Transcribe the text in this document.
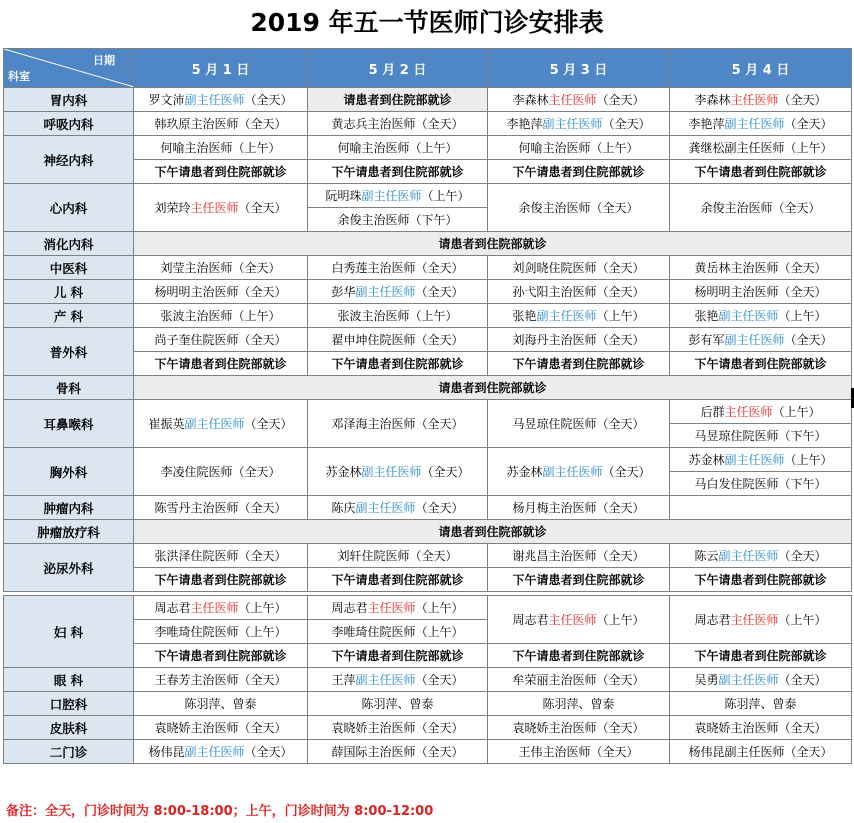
2019 年五一节医师门诊安排表
日期
科室	5 月 1 日	5 月 2 日	5 月 3 日	5 月 4 日
胃内科	罗文沛副主任医师（全天）	请患者到住院部就诊	李森林主任医师（全天）	李森林主任医师（全天）
呼吸内科	韩玖原主治医师（全天）	黄志兵主治医师（全天）	李艳萍副主任医师（全天）	李艳萍副主任医师（全天）
神经内科	何喻主治医师（上午）	何喻主治医师（上午）	何喻主治医师（上午）	龚继松副主任医师（上午）
	下午请患者到住院部就诊	下午请患者到住院部就诊	下午请患者到住院部就诊	下午请患者到住院部就诊
心内科	刘荣玲主任医师（全天）	阮明珠副主任医师（上午）	余俊主治医师（全天）	余俊主治医师（全天）
		余俊主治医师（下午）		
消化内科	请患者到住院部就诊			
中医科	刘莹主治医师（全天）	白秀莲主治医师（全天）	刘剑晓住院医师（全天）	黄岳林主治医师（全天）
儿 科	杨明明主治医师（全天）	彭华副主任医师（全天）	孙弋阳主治医师（全天）	杨明明主治医师（全天）
产 科	张波主治医师（上午）	张波主治医师（上午）	张艳副主任医师（上午）	张艳副主任医师（上午）
普外科	尚子奎住院医师（全天）	翟申坤住院医师（全天）	刘海丹主治医师（全天）	彭有军副主任医师（全天）
	下午请患者到住院部就诊	下午请患者到住院部就诊	下午请患者到住院部就诊	下午请患者到住院部就诊
骨科	请患者到住院部就诊			
耳鼻喉科	崔振英副主任医师（全天）	邓泽海主治医师（全天）	马昱琼住院医师（全天）	后群主任医师（上午）
				马昱琼住院医师（下午）
胸外科	李凌住院医师（全天）	苏金林副主任医师（全天）	苏金林副主任医师（全天）	苏金林副主任医师（上午）
				马白发住院医师（下午）
肿瘤内科	陈雪丹主治医师（全天）	陈庆副主任医师（全天）	杨月梅主治医师（全天）	
肿瘤放疗科	请患者到住院部就诊			
泌尿外科	张洪泽住院医师（全天）	刘轩住院医师（全天）	谢兆昌主治医师（全天）	陈云副主任医师（全天）
	下午请患者到住院部就诊	下午请患者到住院部就诊	下午请患者到住院部就诊	下午请患者到住院部就诊

妇 科	周志君主任医师（上午）	周志君主任医师（上午）	周志君主任医师（上午）	周志君主任医师（上午）
	李唯琦住院医师（上午）	李唯琦住院医师（上午）		
	下午请患者到住院部就诊	下午请患者到住院部就诊	下午请患者到住院部就诊	下午请患者到住院部就诊
眼 科	王春芳主治医师（全天）	王萍副主任医师（全天）	牟荣丽主治医师（全天）	吴勇副主任医师（全天）
口腔科	陈羽萍、曾泰	陈羽萍、曾泰	陈羽萍、曾泰	陈羽萍、曾泰
皮肤科	袁晓娇主治医师（全天）	袁晓娇主治医师（全天）	袁晓娇主治医师（全天）	袁晓娇主治医师（全天）
二门诊	杨伟昆副主任医师（全天）	薛国际主治医师（全天）	王伟主治医师（全天）	杨伟昆副主任医师（全天）
备注：全天，门诊时间为 8:00-18:00；上午，门诊时间为 8:00-12:00
